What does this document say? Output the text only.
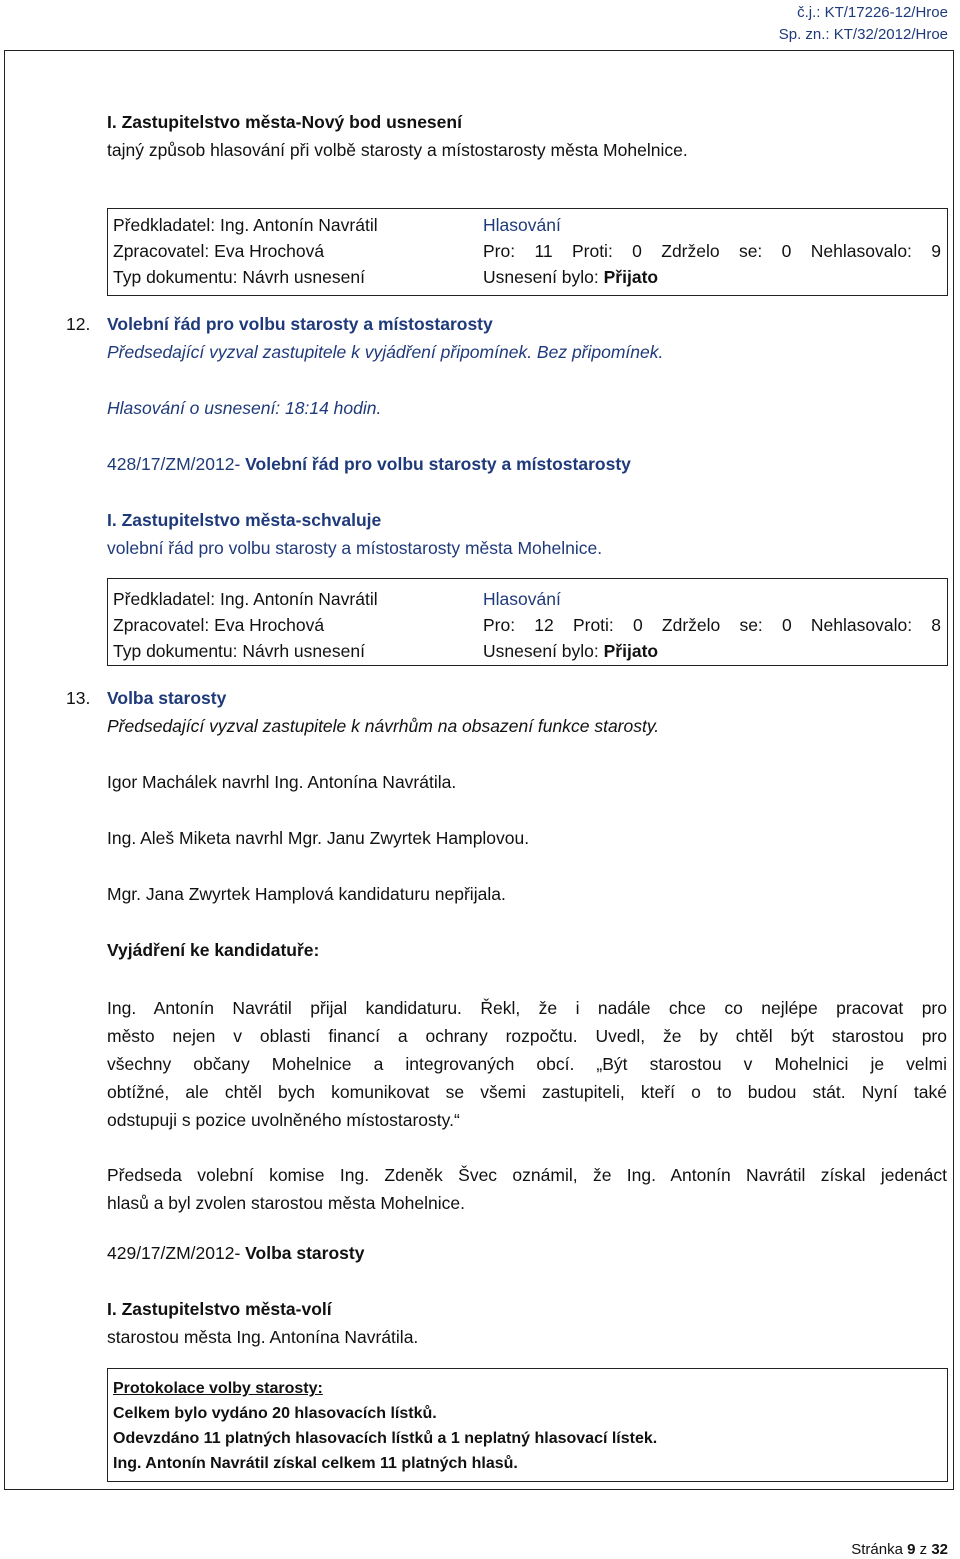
č.j.: KT/17226-12/Hroe
Sp. zn.: KT/32/2012/Hroe
I. Zastupitelstvo města-Nový bod usnesení
tajný způsob hlasování při volbě starosty a místostarosty města Mohelnice.
Předkladatel: Ing. Antonín Navrátil
Zpracovatel: Eva Hrochová
Typ dokumentu: Návrh usnesení
Hlasování
Pro: 11 Proti: 0 Zdrželo se: 0 Nehlasovalo: 9
Usnesení bylo: Přijato
12. Volební řád pro volbu starosty a místostarosty
Předsedající vyzval zastupitele k vyjádření připomínek. Bez připomínek.
Hlasování o usnesení: 18:14 hodin.
428/17/ZM/2012- Volební řád pro volbu starosty a místostarosty
I. Zastupitelstvo města-schvaluje
volební řád pro volbu starosty a místostarosty města Mohelnice.
Předkladatel: Ing. Antonín Navrátil
Zpracovatel: Eva Hrochová
Typ dokumentu: Návrh usnesení
Hlasování
Pro: 12 Proti: 0 Zdrželo se: 0 Nehlasovalo: 8
Usnesení bylo: Přijato
13. Volba starosty
Předsedající vyzval zastupitele k návrhům na obsazení funkce starosty.
Igor Machálek navrhl Ing. Antonína Navrátila.
Ing. Aleš Miketa navrhl Mgr. Janu Zwyrtek Hamplovou.
Mgr. Jana Zwyrtek Hamplová kandidaturu nepřijala.
Vyjádření ke kandidatuře:
Ing. Antonín Navrátil přijal kandidaturu. Řekl, že i nadále chce co nejlépe pracovat pro
město nejen v oblasti financí a ochrany rozpočtu. Uvedl, že by chtěl být starostou pro
všechny občany Mohelnice a integrovaných obcí. „Být starostou v Mohelnici je velmi
obtížné, ale chtěl bych komunikovat se všemi zastupiteli, kteří o to budou stát. Nyní také
odstupuji s pozice uvolněného místostarosty.“
Předseda volební komise Ing. Zdeněk Švec oznámil, že Ing. Antonín Navrátil získal jedenáct
hlasů a byl zvolen starostou města Mohelnice.
429/17/ZM/2012- Volba starosty
I. Zastupitelstvo města-volí
starostou města Ing. Antonína Navrátila.
Protokolace volby starosty:
Celkem bylo vydáno 20 hlasovacích lístků.
Odevzdáno 11 platných hlasovacích lístků a 1 neplatný hlasovací lístek.
Ing. Antonín Navrátil získal celkem 11 platných hlasů.
Stránka 9 z 32
